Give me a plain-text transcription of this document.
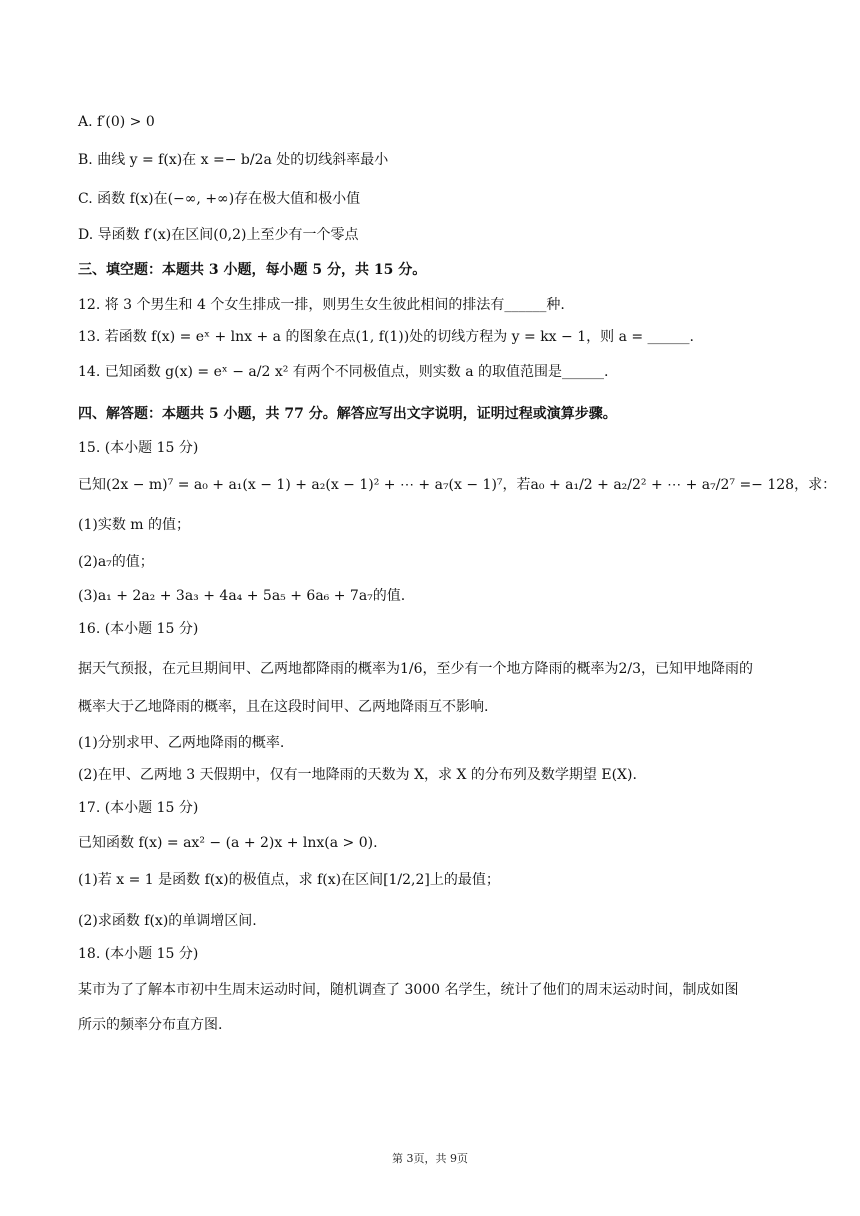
A. f′(0) > 0
B. 曲线 y = f(x)在 x =− b/2a 处的切线斜率最小
C. 函数 f(x)在(−∞, +∞)存在极大值和极小值
D. 导函数 f′(x)在区间(0,2)上至少有一个零点
三、填空题：本题共 3 小题，每小题 5 分，共 15 分。
12. 将 3 个男生和 4 个女生排成一排，则男生女生彼此相间的排法有______种.
13. 若函数 f(x) = eˣ + lnx + a 的图象在点(1, f(1))处的切线方程为 y = kx − 1，则 a = ______.
14. 已知函数 g(x) = eˣ − a/2 x² 有两个不同极值点，则实数 a 的取值范围是______.
四、解答题：本题共 5 小题，共 77 分。解答应写出文字说明，证明过程或演算步骤。
15. (本小题 15 分)
已知(2x − m)⁷ = a₀ + a₁(x − 1) + a₂(x − 1)² + ⋯ + a₇(x − 1)⁷，若a₀ + a₁/2 + a₂/2² + ⋯ + a₇/2⁷ =− 128，求：
(1)实数 m 的值；
(2)a₇的值；
(3)a₁ + 2a₂ + 3a₃ + 4a₄ + 5a₅ + 6a₆ + 7a₇的值.
16. (本小题 15 分)
据天气预报，在元旦期间甲、乙两地都降雨的概率为1/6，至少有一个地方降雨的概率为2/3，已知甲地降雨的
概率大于乙地降雨的概率，且在这段时间甲、乙两地降雨互不影响.
(1)分别求甲、乙两地降雨的概率.
(2)在甲、乙两地 3 天假期中，仅有一地降雨的天数为 X，求 X 的分布列及数学期望 E(X).
17. (本小题 15 分)
已知函数 f(x) = ax² − (a + 2)x + lnx(a > 0).
(1)若 x = 1 是函数 f(x)的极值点，求 f(x)在区间[1/2,2]上的最值；
(2)求函数 f(x)的单调增区间.
18. (本小题 15 分)
某市为了了解本市初中生周末运动时间，随机调查了 3000 名学生，统计了他们的周末运动时间，制成如图
所示的频率分布直方图.
第 3页，共 9页
